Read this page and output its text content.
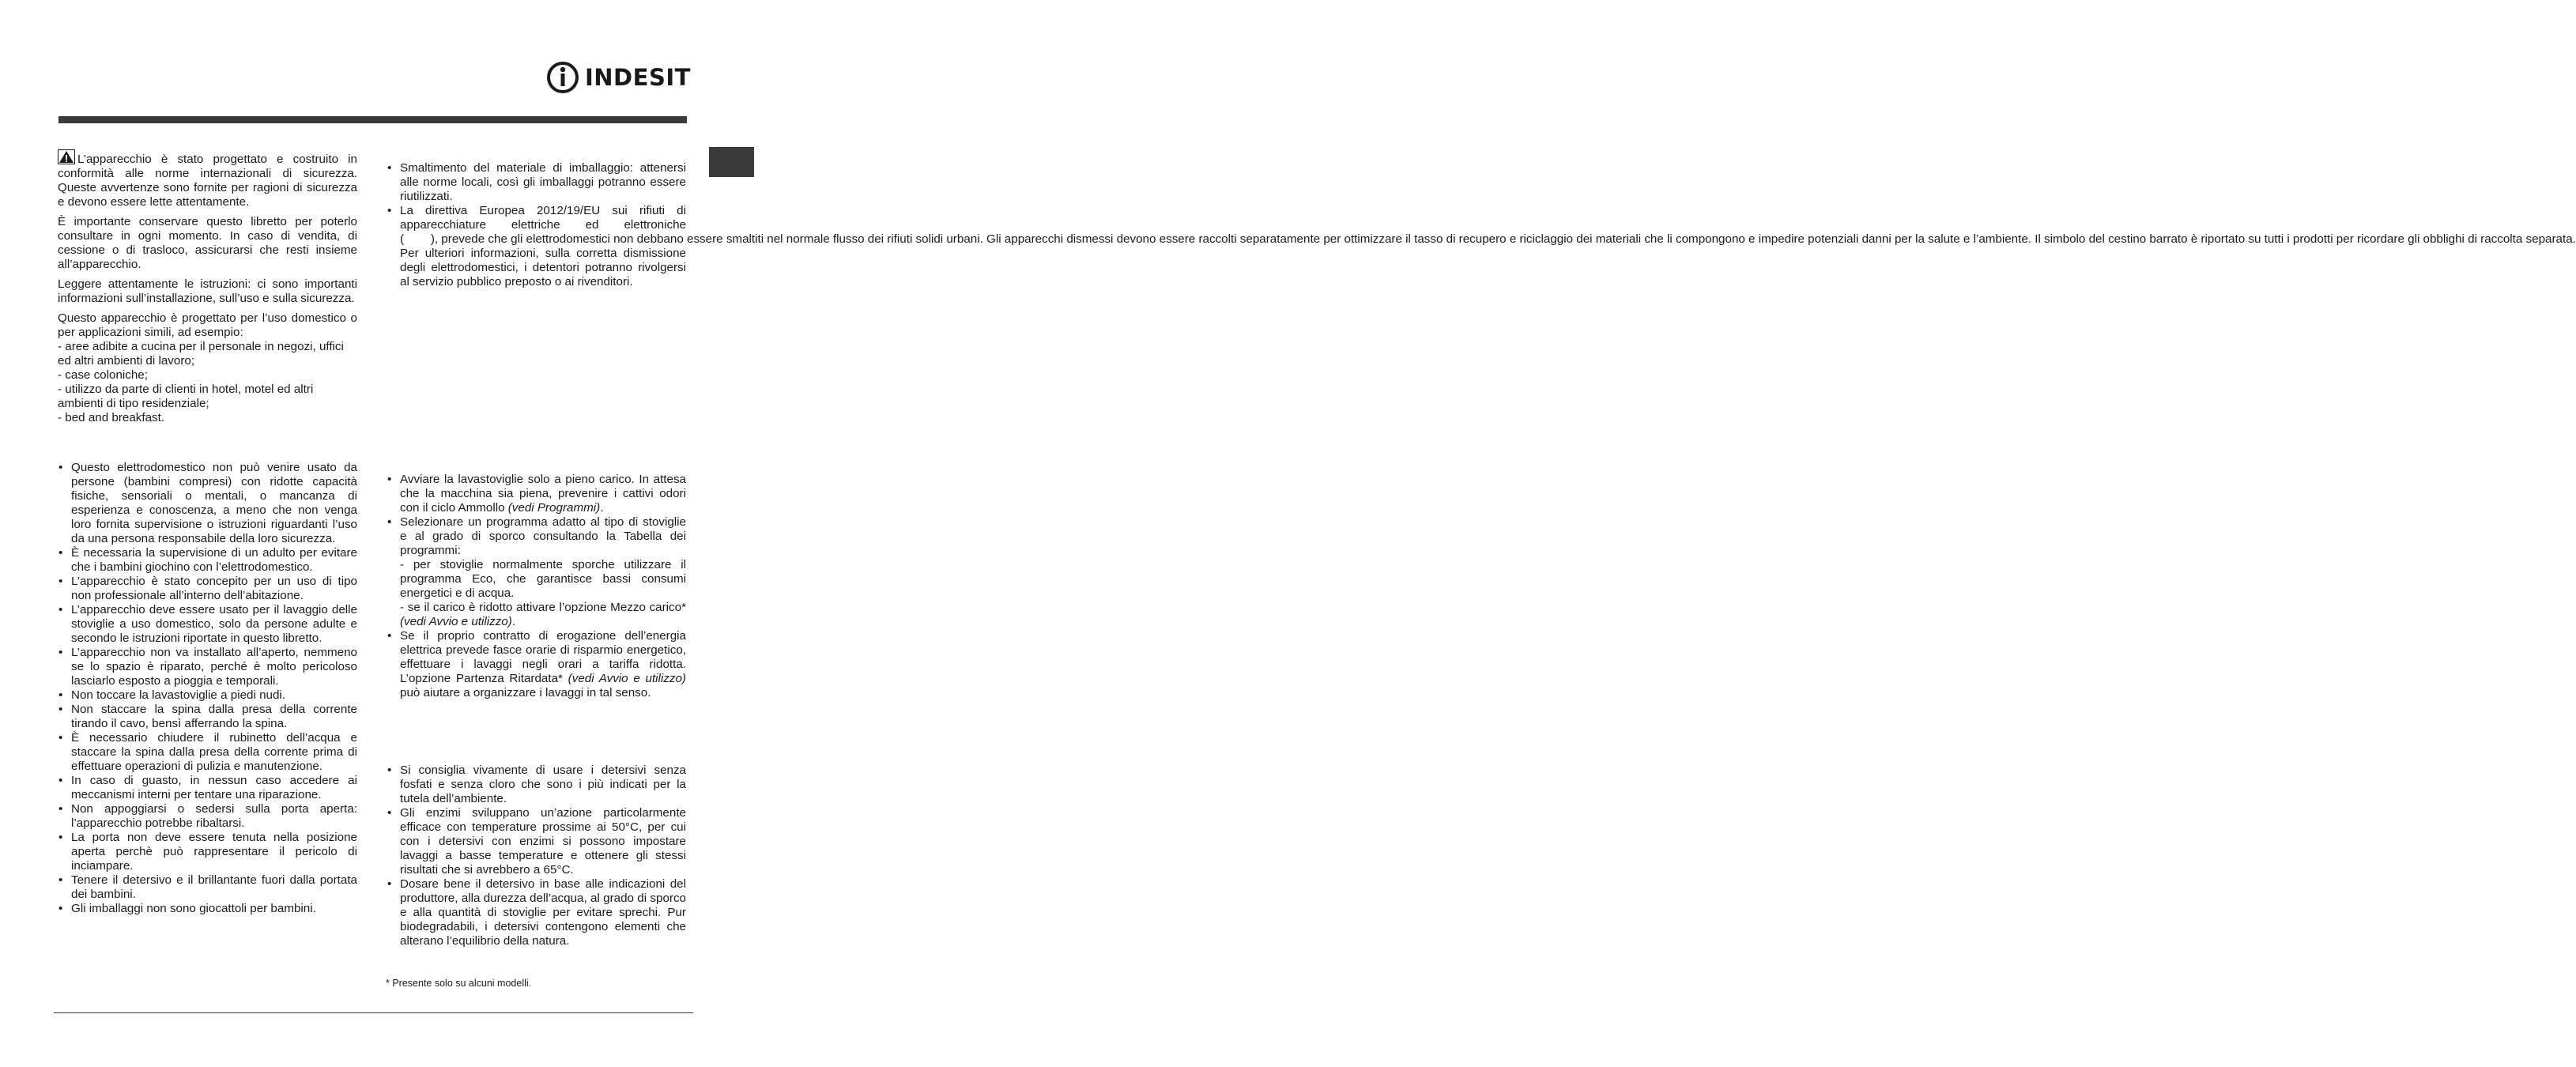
INDESIT

L’apparecchio è stato progettato e costruito in conformità alle norme internazionali di sicurezza. Queste avvertenze sono fornite per ragioni di sicurezza e devono essere lette attentamente.

È importante conservare questo libretto per poterlo consultare in ogni momento. In caso di vendita, di cessione o di trasloco, assicurarsi che resti insieme all’apparecchio.

Leggere attentamente le istruzioni: ci sono importanti informazioni sull’installazione, sull’uso e sulla sicurezza.

Questo apparecchio è progettato per l’uso domestico o per applicazioni simili, ad esempio:
- aree adibite a cucina per il personale in negozi, uffici ed altri ambienti di lavoro;
- case coloniche;
- utilizzo da parte di clienti in hotel, motel ed altri ambienti di tipo residenziale;
- bed and breakfast.

• Questo elettrodomestico non può venire usato da persone (bambini compresi) con ridotte capacità fisiche, sensoriali o mentali, o mancanza di esperienza e conoscenza, a meno che non venga loro fornita supervisione o istruzioni riguardanti l’uso da una persona responsabile della loro sicurezza.
• È necessaria la supervisione di un adulto per evitare che i bambini giochino con l’elettrodomestico.
• L’apparecchio è stato concepito per un uso di tipo non professionale all’interno dell’abitazione.
• L’apparecchio deve essere usato per il lavaggio delle stoviglie a uso domestico, solo da persone adulte e secondo le istruzioni riportate in questo libretto.
• L’apparecchio non va installato all’aperto, nemmeno se lo spazio è riparato, perché è molto pericoloso lasciarlo esposto a pioggia e temporali.
• Non toccare la lavastoviglie a piedi nudi.
• Non staccare la spina dalla presa della corrente tirando il cavo, bensì afferrando la spina.
• È necessario chiudere il rubinetto dell’acqua e staccare la spina dalla presa della corrente prima di effettuare operazioni di pulizia e manutenzione.
• In caso di guasto, in nessun caso accedere ai meccanismi interni per tentare una riparazione.
• Non appoggiarsi o sedersi sulla porta aperta: l’apparecchio potrebbe ribaltarsi.
• La porta non deve essere tenuta nella posizione aperta perchè può rappresentare il pericolo di inciampare.
• Tenere il detersivo e il brillantante fuori dalla portata dei bambini.
• Gli imballaggi non sono giocattoli per bambini.
• Smaltimento del materiale di imballaggio: attenersi alle norme locali, così gli imballaggi potranno essere riutilizzati.
• La direttiva Europea 2012/19/EU sui rifiuti di apparecchiature elettriche ed elettroniche (        ), prevede che gli elettrodomestici non debbano essere smaltiti nel normale flusso dei rifiuti solidi urbani. Gli apparecchi dismessi devono essere raccolti separatamente per ottimizzare il tasso di recupero e riciclaggio dei materiali che li compongono e impedire potenziali danni per la salute e l’ambiente. Il simbolo del cestino barrato è riportato su tutti i prodotti per ricordare gli obblighi di raccolta separata.
Per ulteriori informazioni, sulla corretta dismissione degli elettrodomestici, i detentori potranno rivolgersi al servizio pubblico preposto o ai rivenditori.
• Avviare la lavastoviglie solo a pieno carico. In attesa che la macchina sia piena, prevenire i cattivi odori con il ciclo Ammollo (vedi Programmi).
• Selezionare un programma adatto al tipo di stoviglie e al grado di sporco consultando la Tabella dei programmi:
- per stoviglie normalmente sporche utilizzare il programma Eco, che garantisce bassi consumi energetici e di acqua.
- se il carico è ridotto attivare l’opzione Mezzo carico* (vedi Avvio e utilizzo).
• Se il proprio contratto di erogazione dell’energia elettrica prevede fasce orarie di risparmio energetico, effettuare i lavaggi negli orari a tariffa ridotta. L’opzione Partenza Ritardata* (vedi Avvio e utilizzo) può aiutare a organizzare i lavaggi in tal senso.
• Si consiglia vivamente di usare i detersivi senza fosfati e senza cloro che sono i più indicati per la tutela dell’ambiente.
• Gli enzimi sviluppano un’azione particolarmente efficace con temperature prossime ai 50°C, per cui con i detersivi con enzimi si possono impostare lavaggi a basse temperature e ottenere gli stessi risultati che si avrebbero a 65°C.
• Dosare bene il detersivo in base alle indicazioni del produttore, alla durezza dell’acqua, al grado di sporco e alla quantità di stoviglie per evitare sprechi. Pur biodegradabili, i detersivi contengono elementi che alterano l’equilibrio della natura.
* Presente solo su alcuni modelli.
